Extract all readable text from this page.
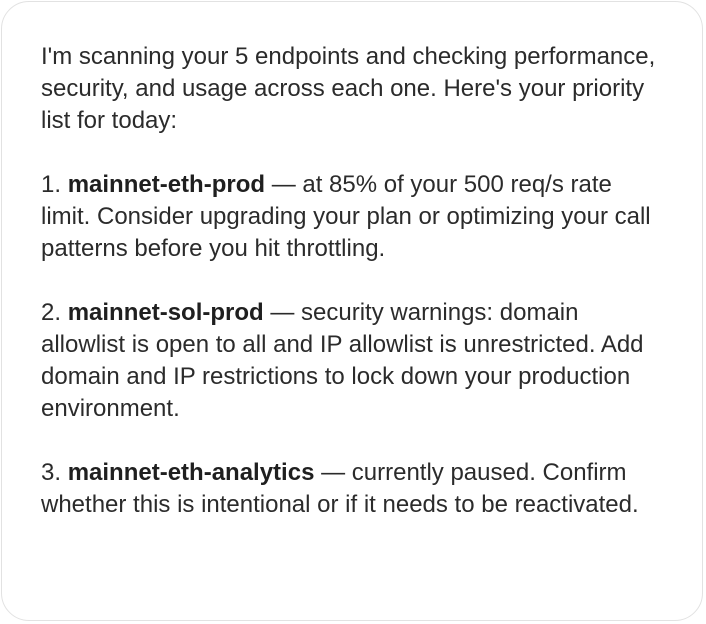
I'm scanning your 5 endpoints and checking performance, security, and usage across each one. Here's your priority list for today:

1. mainnet-eth-prod — at 85% of your 500 req/s rate limit. Consider upgrading your plan or optimizing your call patterns before you hit throttling.

2. mainnet-sol-prod — security warnings: domain allowlist is open to all and IP allowlist is unrestricted. Add domain and IP restrictions to lock down your production environment.

3. mainnet-eth-analytics — currently paused. Confirm whether this is intentional or if it needs to be reactivated.
